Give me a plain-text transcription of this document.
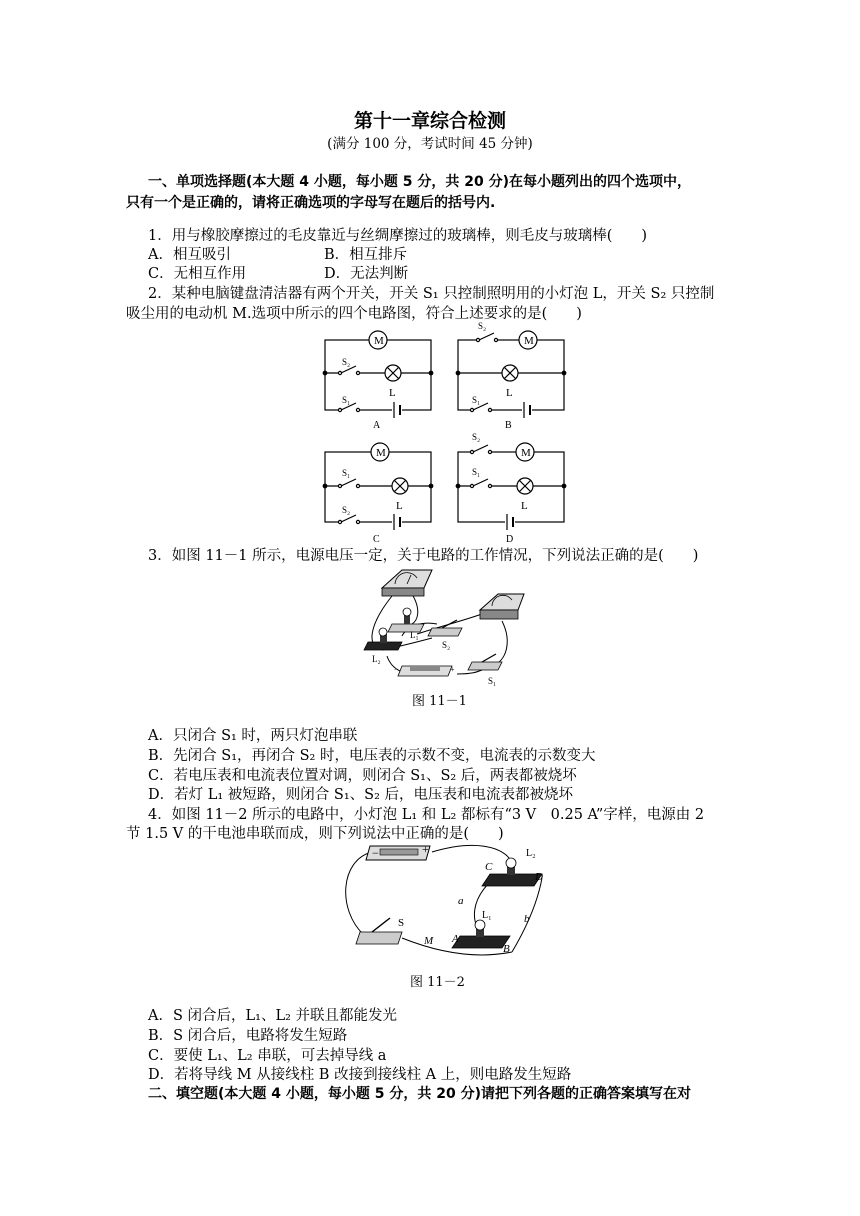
第十一章综合检测
(满分 100 分，考试时间 45 分钟)
一、单项选择题(本大题 4 小题，每小题 5 分，共 20 分)在每小题列出的四个选项中，
只有一个是正确的，请将正确选项的字母写在题后的括号内.
1．用与橡胶摩擦过的毛皮靠近与丝绸摩擦过的玻璃棒，则毛皮与玻璃棒(　　)
A．相互吸引	B．相互排斥
C．无相互作用	D．无法判断
2．某种电脑键盘清洁器有两个开关，开关 S₁ 只控制照明用的小灯泡 L，开关 S₂ 只控制
吸尘用的电动机 M.选项中所示的四个电路图，符合上述要求的是(　　)
M	M
M	M
L	L
L	L
S₂
S₁
S₂
S₁
S₁
S₂
S₂
S₁
A	B
C	D
3．如图 11－1 所示，电源电压一定，关于电路的工作情况，下列说法正确的是(　　)
−	+
L₁
L₂
S₂
S₁
图 11－1
A．只闭合 S₁ 时，两只灯泡串联
B．先闭合 S₁，再闭合 S₂ 时，电压表的示数不变，电流表的示数变大
C．若电压表和电流表位置对调，则闭合 S₁、S₂ 后，两表都被烧坏
D．若灯 L₁ 被短路，则闭合 S₁、S₂ 后，电压表和电流表都被烧坏
4．如图 11－2 所示的电路中，小灯泡 L₁ 和 L₂ 都标有“3 V　0.25 A”字样，电源由 2
节 1.5 V 的干电池串联而成，则下列说法中正确的是(　　)
−	+
S
M
a
b
C
D
A
B
L₂
L₁
图 11－2
A．S 闭合后，L₁、L₂ 并联且都能发光
B．S 闭合后，电路将发生短路
C．要使 L₁、L₂ 串联，可去掉导线 a
D．若将导线 M 从接线柱 B 改接到接线柱 A 上，则电路发生短路
二、填空题(本大题 4 小题，每小题 5 分，共 20 分)请把下列各题的正确答案填写在对
